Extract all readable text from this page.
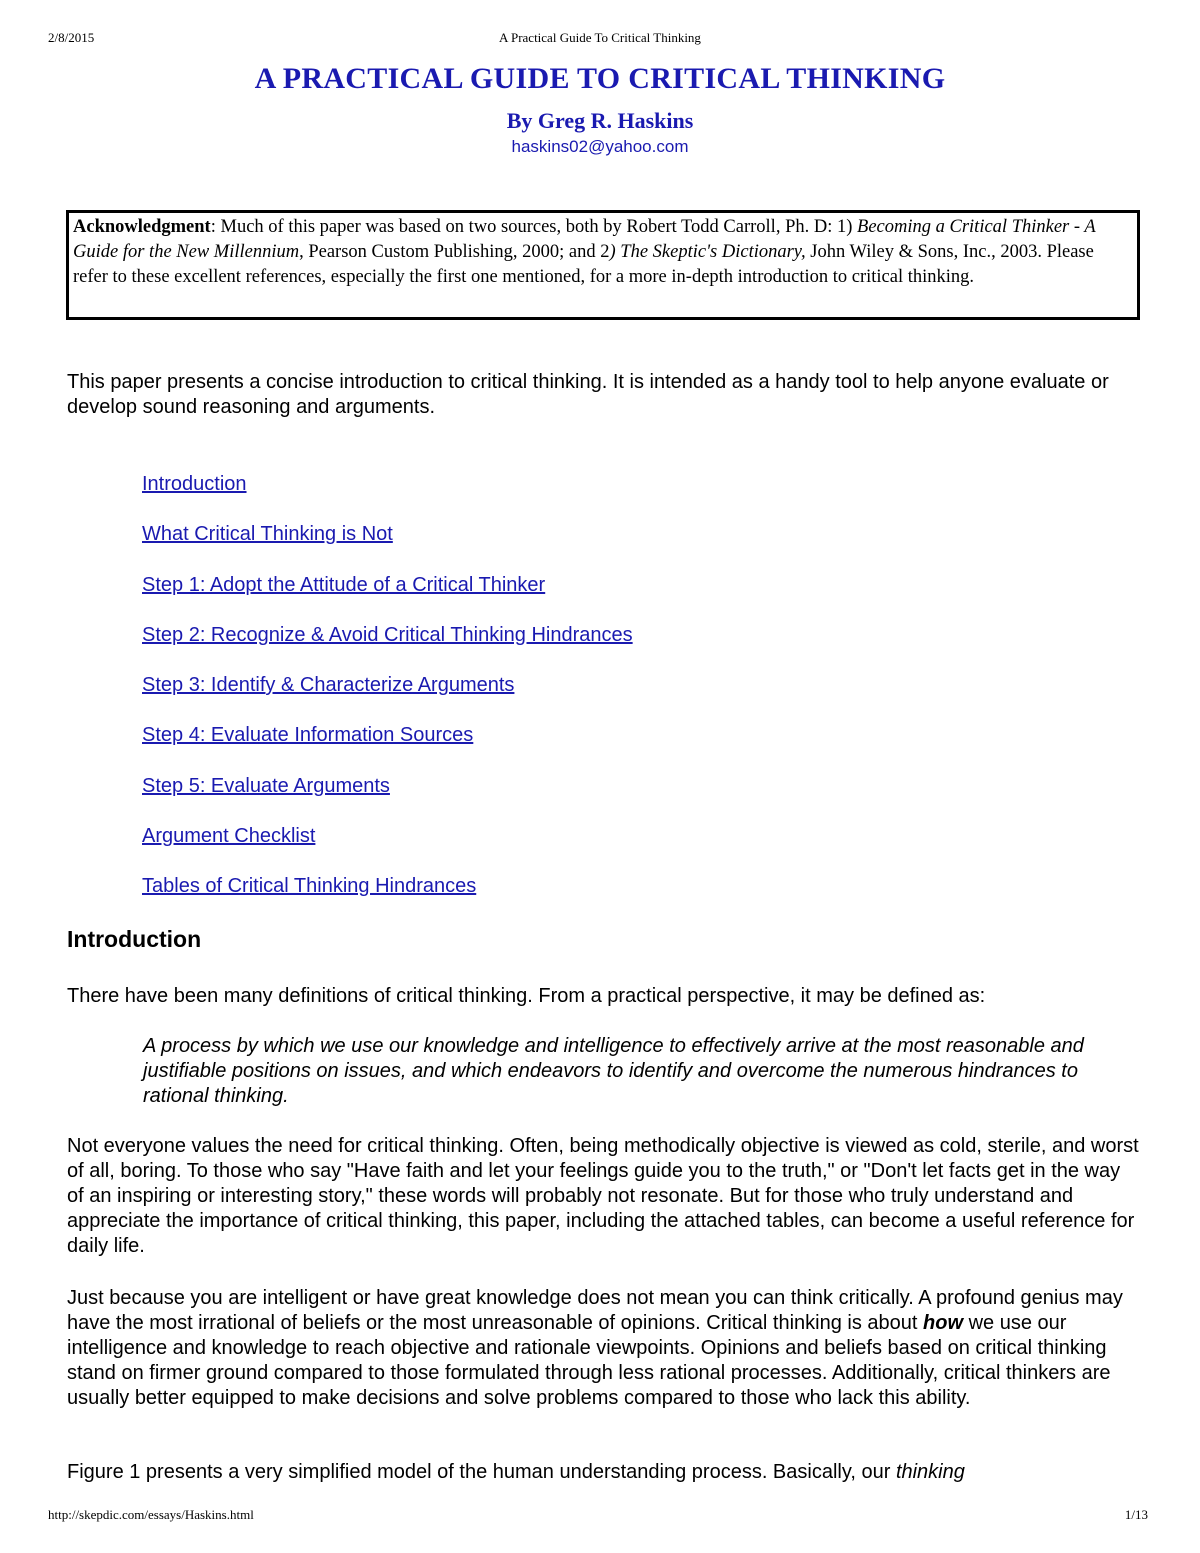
2/8/2015	A Practical Guide To Critical Thinking
A PRACTICAL GUIDE TO CRITICAL THINKING
By Greg R. Haskins
haskins02@yahoo.com
Acknowledgment: Much of this paper was based on two sources, both by Robert Todd Carroll, Ph. D: 1) Becoming a Critical Thinker - A Guide for the New Millennium, Pearson Custom Publishing, 2000; and 2) The Skeptic's Dictionary, John Wiley & Sons, Inc., 2003. Please refer to these excellent references, especially the first one mentioned, for a more in-depth introduction to critical thinking.
This paper presents a concise introduction to critical thinking. It is intended as a handy tool to help anyone evaluate or develop sound reasoning and arguments.
Introduction
What Critical Thinking is Not
Step 1: Adopt the Attitude of a Critical Thinker
Step 2: Recognize & Avoid Critical Thinking Hindrances
Step 3: Identify & Characterize Arguments
Step 4: Evaluate Information Sources
Step 5: Evaluate Arguments
Argument Checklist
Tables of Critical Thinking Hindrances
Introduction
There have been many definitions of critical thinking. From a practical perspective, it may be defined as:
A process by which we use our knowledge and intelligence to effectively arrive at the most reasonable and justifiable positions on issues, and which endeavors to identify and overcome the numerous hindrances to rational thinking.
Not everyone values the need for critical thinking. Often, being methodically objective is viewed as cold, sterile, and worst of all, boring. To those who say "Have faith and let your feelings guide you to the truth," or "Don't let facts get in the way of an inspiring or interesting story," these words will probably not resonate. But for those who truly understand and appreciate the importance of critical thinking, this paper, including the attached tables, can become a useful reference for daily life.
Just because you are intelligent or have great knowledge does not mean you can think critically. A profound genius may have the most irrational of beliefs or the most unreasonable of opinions. Critical thinking is about how we use our intelligence and knowledge to reach objective and rationale viewpoints. Opinions and beliefs based on critical thinking stand on firmer ground compared to those formulated through less rational processes. Additionally, critical thinkers are usually better equipped to make decisions and solve problems compared to those who lack this ability.
Figure 1 presents a very simplified model of the human understanding process. Basically, our thinking
http://skepdic.com/essays/Haskins.html	1/13
